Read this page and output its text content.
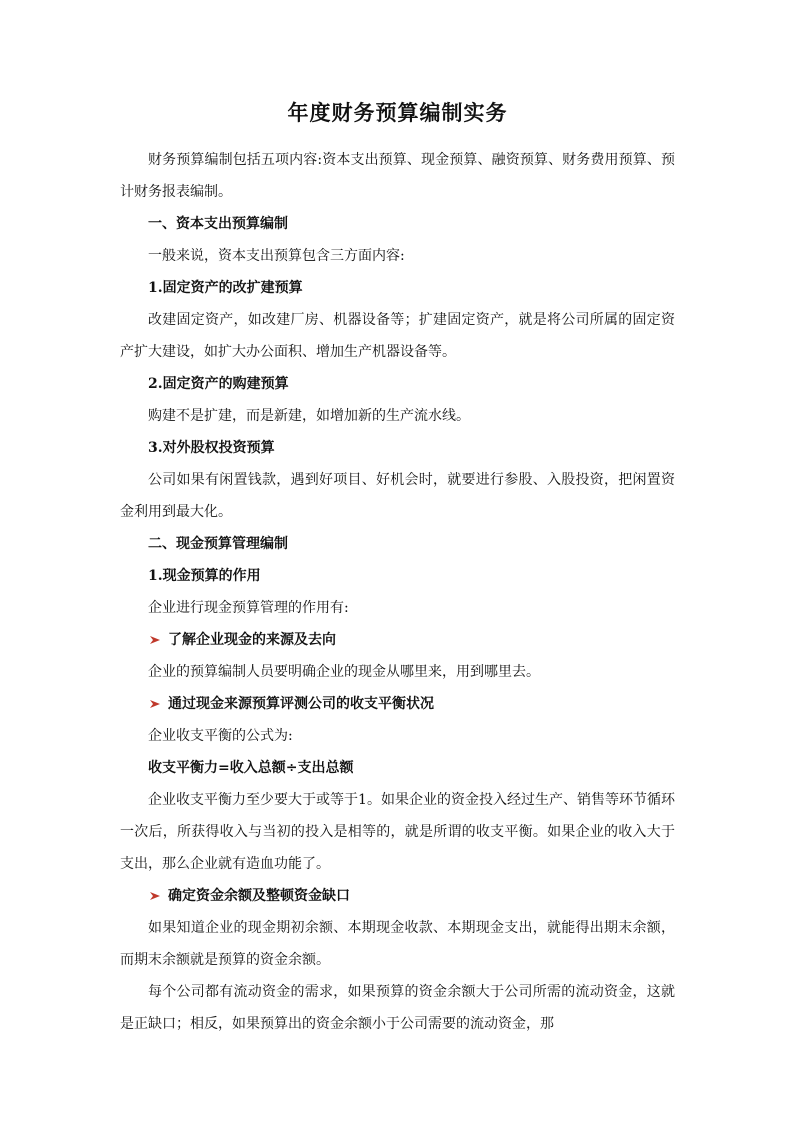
年度财务预算编制实务

财务预算编制包括五项内容:资本支出预算、现金预算、融资预算、财务费用预算、预计财务报表编制。

一、资本支出预算编制

一般来说，资本支出预算包含三方面内容:

1.固定资产的改扩建预算

改建固定资产，如改建厂房、机器设备等；扩建固定资产，就是将公司所属的固定资产扩大建设，如扩大办公面积、增加生产机器设备等。

2.固定资产的购建预算

购建不是扩建，而是新建，如增加新的生产流水线。

3.对外股权投资预算

公司如果有闲置钱款，遇到好项目、好机会时，就要进行参股、入股投资，把闲置资金利用到最大化。

二、现金预算管理编制

1.现金预算的作用

企业进行现金预算管理的作用有:

了解企业现金的来源及去向

企业的预算编制人员要明确企业的现金从哪里来，用到哪里去。

通过现金来源预算评测公司的收支平衡状况

企业收支平衡的公式为:

收支平衡力=收入总额÷支出总额

企业收支平衡力至少要大于或等于1。如果企业的资金投入经过生产、销售等环节循环一次后，所获得收入与当初的投入是相等的，就是所谓的收支平衡。如果企业的收入大于支出，那么企业就有造血功能了。

确定资金余额及整顿资金缺口

如果知道企业的现金期初余额、本期现金收款、本期现金支出，就能得出期末余额，而期末余额就是预算的资金余额。

每个公司都有流动资金的需求，如果预算的资金余额大于公司所需的流动资金，这就是正缺口；相反，如果预算出的资金余额小于公司需要的流动资金，那
